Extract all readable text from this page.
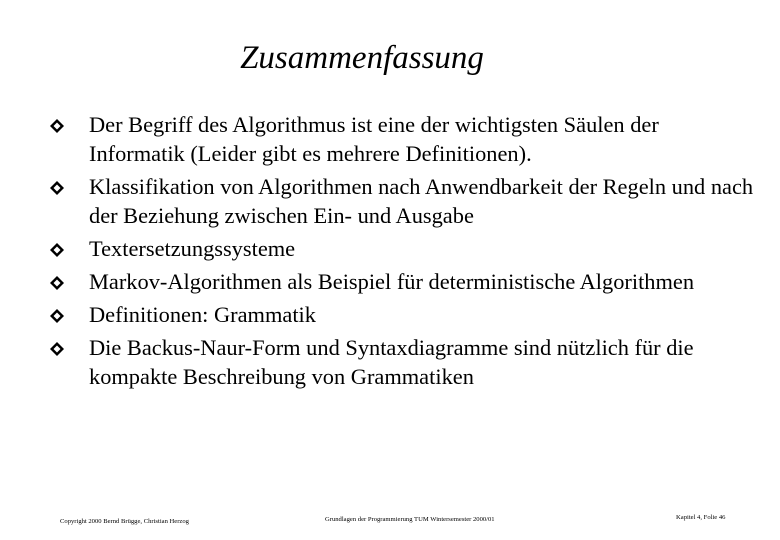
Zusammenfassung
Der Begriff des Algorithmus ist eine der wichtigsten Säulen der Informatik (Leider gibt es mehrere Definitionen).
Klassifikation von Algorithmen nach Anwendbarkeit der Regeln und nach der Beziehung zwischen Ein- und Ausgabe
Textersetzungssysteme
Markov-Algorithmen als Beispiel für deterministische Algorithmen
Definitionen: Grammatik
Die Backus-Naur-Form und Syntaxdiagramme sind nützlich für die kompakte Beschreibung von Grammatiken
Copyright 2000 Bernd Brügge, Christian Herzog	Grundlagen der Programmierung TUM Wintersemester 2000/01	Kapitel 4, Folie 46
